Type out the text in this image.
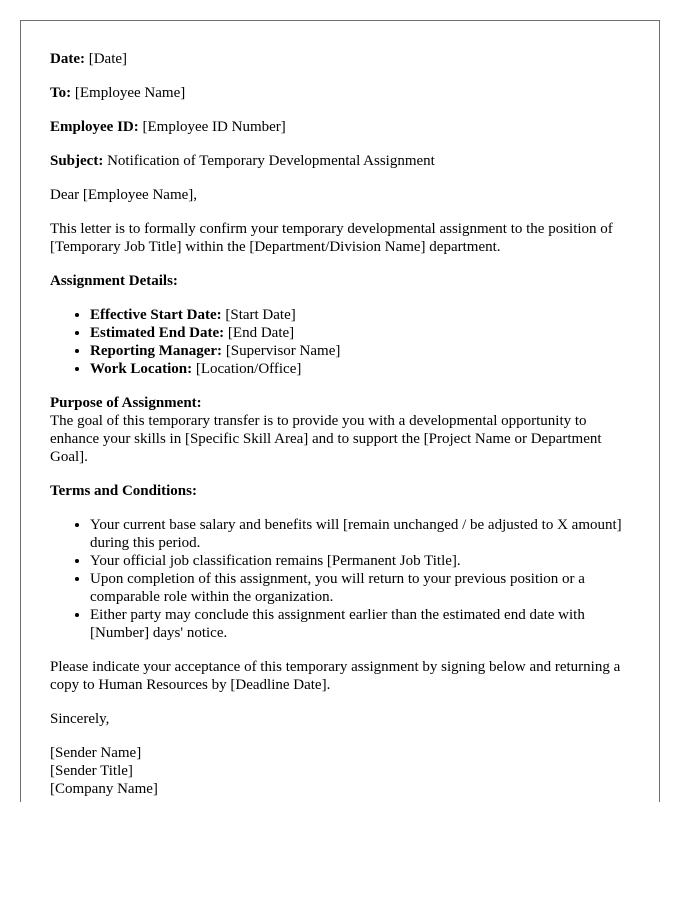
Date: [Date]

To: [Employee Name]

Employee ID: [Employee ID Number]

Subject: Notification of Temporary Developmental Assignment

Dear [Employee Name],

This letter is to formally confirm your temporary developmental assignment to the position of [Temporary Job Title] within the [Department/Division Name] department.

Assignment Details:
• Effective Start Date: [Start Date]
• Estimated End Date: [End Date]
• Reporting Manager: [Supervisor Name]
• Work Location: [Location/Office]
Purpose of Assignment:

The goal of this temporary transfer is to provide you with a developmental opportunity to enhance your skills in [Specific Skill Area] and to support the [Project Name or Department Goal].

Terms and Conditions:
• Your current base salary and benefits will [remain unchanged / be adjusted to X amount] during this period.
• Your official job classification remains [Permanent Job Title].
• Upon completion of this assignment, you will return to your previous position or a comparable role within the organization.
• Either party may conclude this assignment earlier than the estimated end date with [Number] days' notice.

Please indicate your acceptance of this temporary assignment by signing below and returning a copy to Human Resources by [Deadline Date].

Sincerely,

[Sender Name]

[Sender Title]

[Company Name]
